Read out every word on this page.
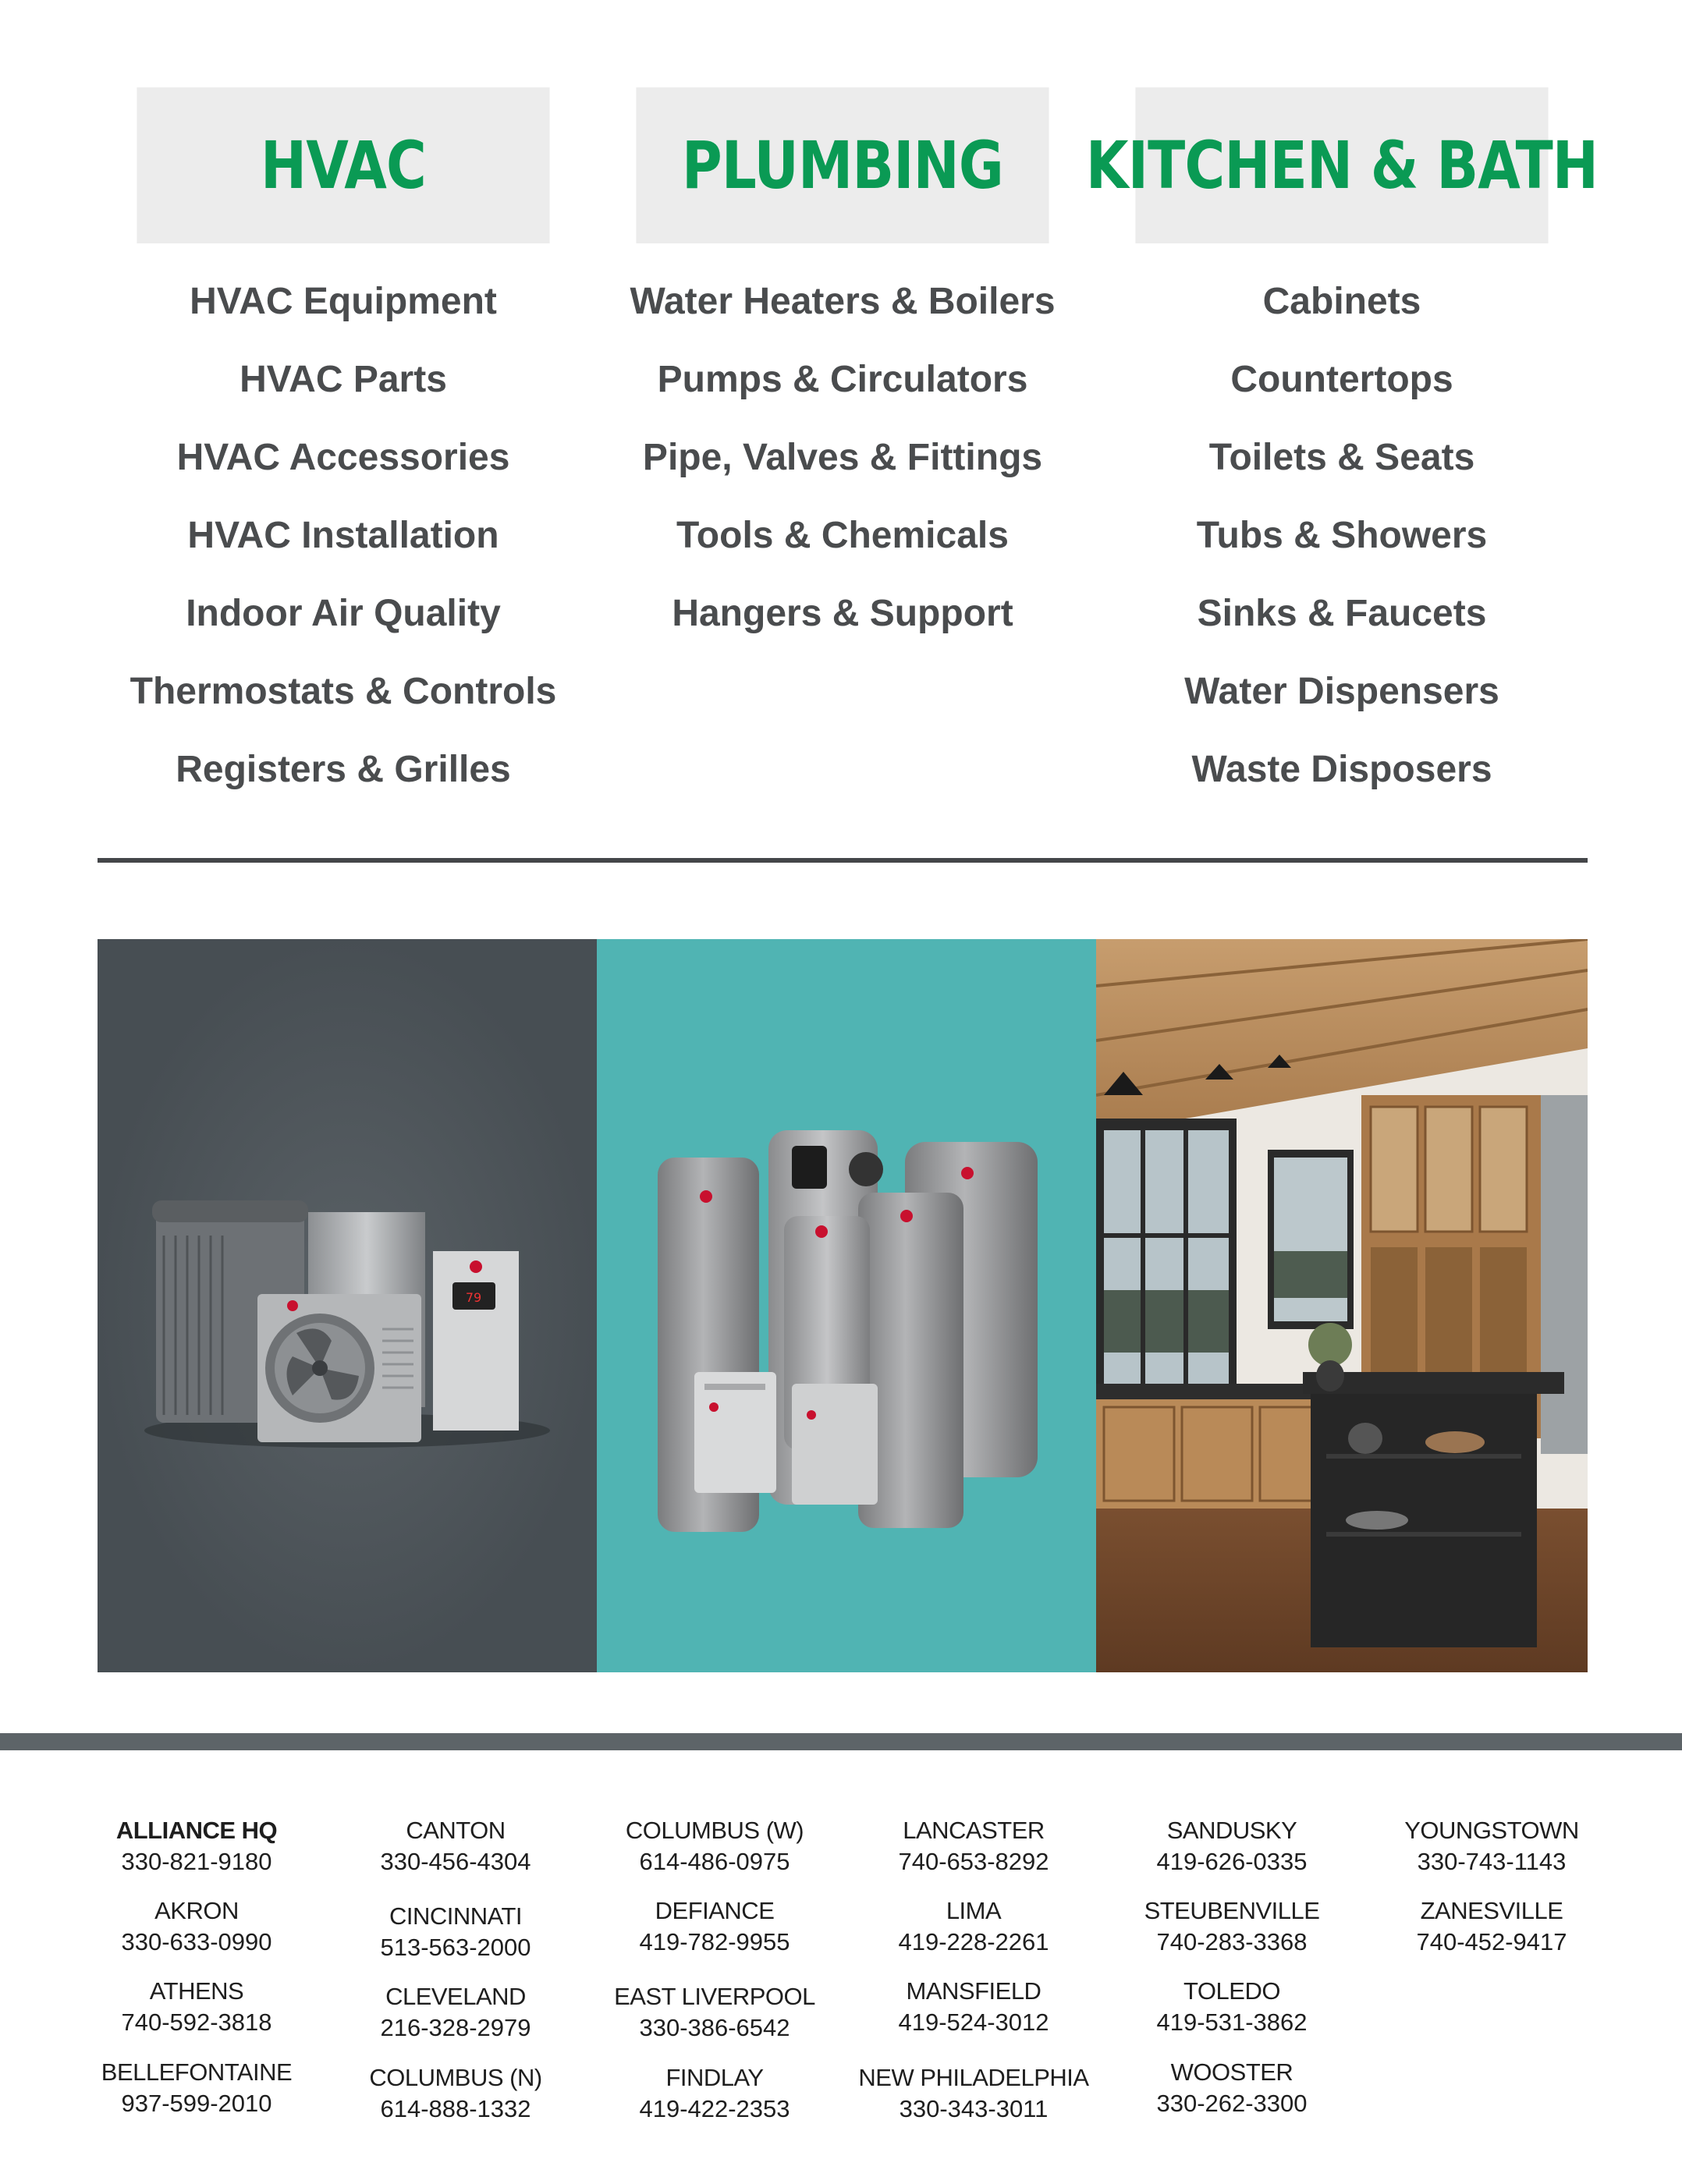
HVAC	PLUMBING KITCHEN & BATH
HVAC Equipment
HVAC Parts
HVAC Accessories
HVAC Installation
Indoor Air Quality
Thermostats & Controls
Registers & Grilles
Water Heaters & Boilers
Pumps & Circulators
Pipe, Valves & Fittings
Tools & Chemicals
Hangers & Support
Cabinets
Countertops
Toilets & Seats
Tubs & Showers
Sinks & Faucets
Water Dispensers
Waste Disposers
79
ALLIANCE HQ
330-821-9180
AKRON
330-633-0990
ATHENS
740-592-3818
BELLEFONTAINE
937-599-2010
CANTON
330-456-4304
CINCINNATI
513-563-2000
CLEVELAND
216-328-2979
COLUMBUS (N)
614-888-1332
COLUMBUS (W)
614-486-0975
DEFIANCE
419-782-9955
EAST LIVERPOOL
330-386-6542
FINDLAY
419-422-2353
LANCASTER
740-653-8292
LIMA
419-228-2261
MANSFIELD
419-524-3012
NEW PHILADELPHIA
330-343-3011
SANDUSKY
419-626-0335
STEUBENVILLE
740-283-3368
TOLEDO
419-531-3862
WOOSTER
330-262-3300
YOUNGSTOWN
330-743-1143
ZANESVILLE
740-452-9417
